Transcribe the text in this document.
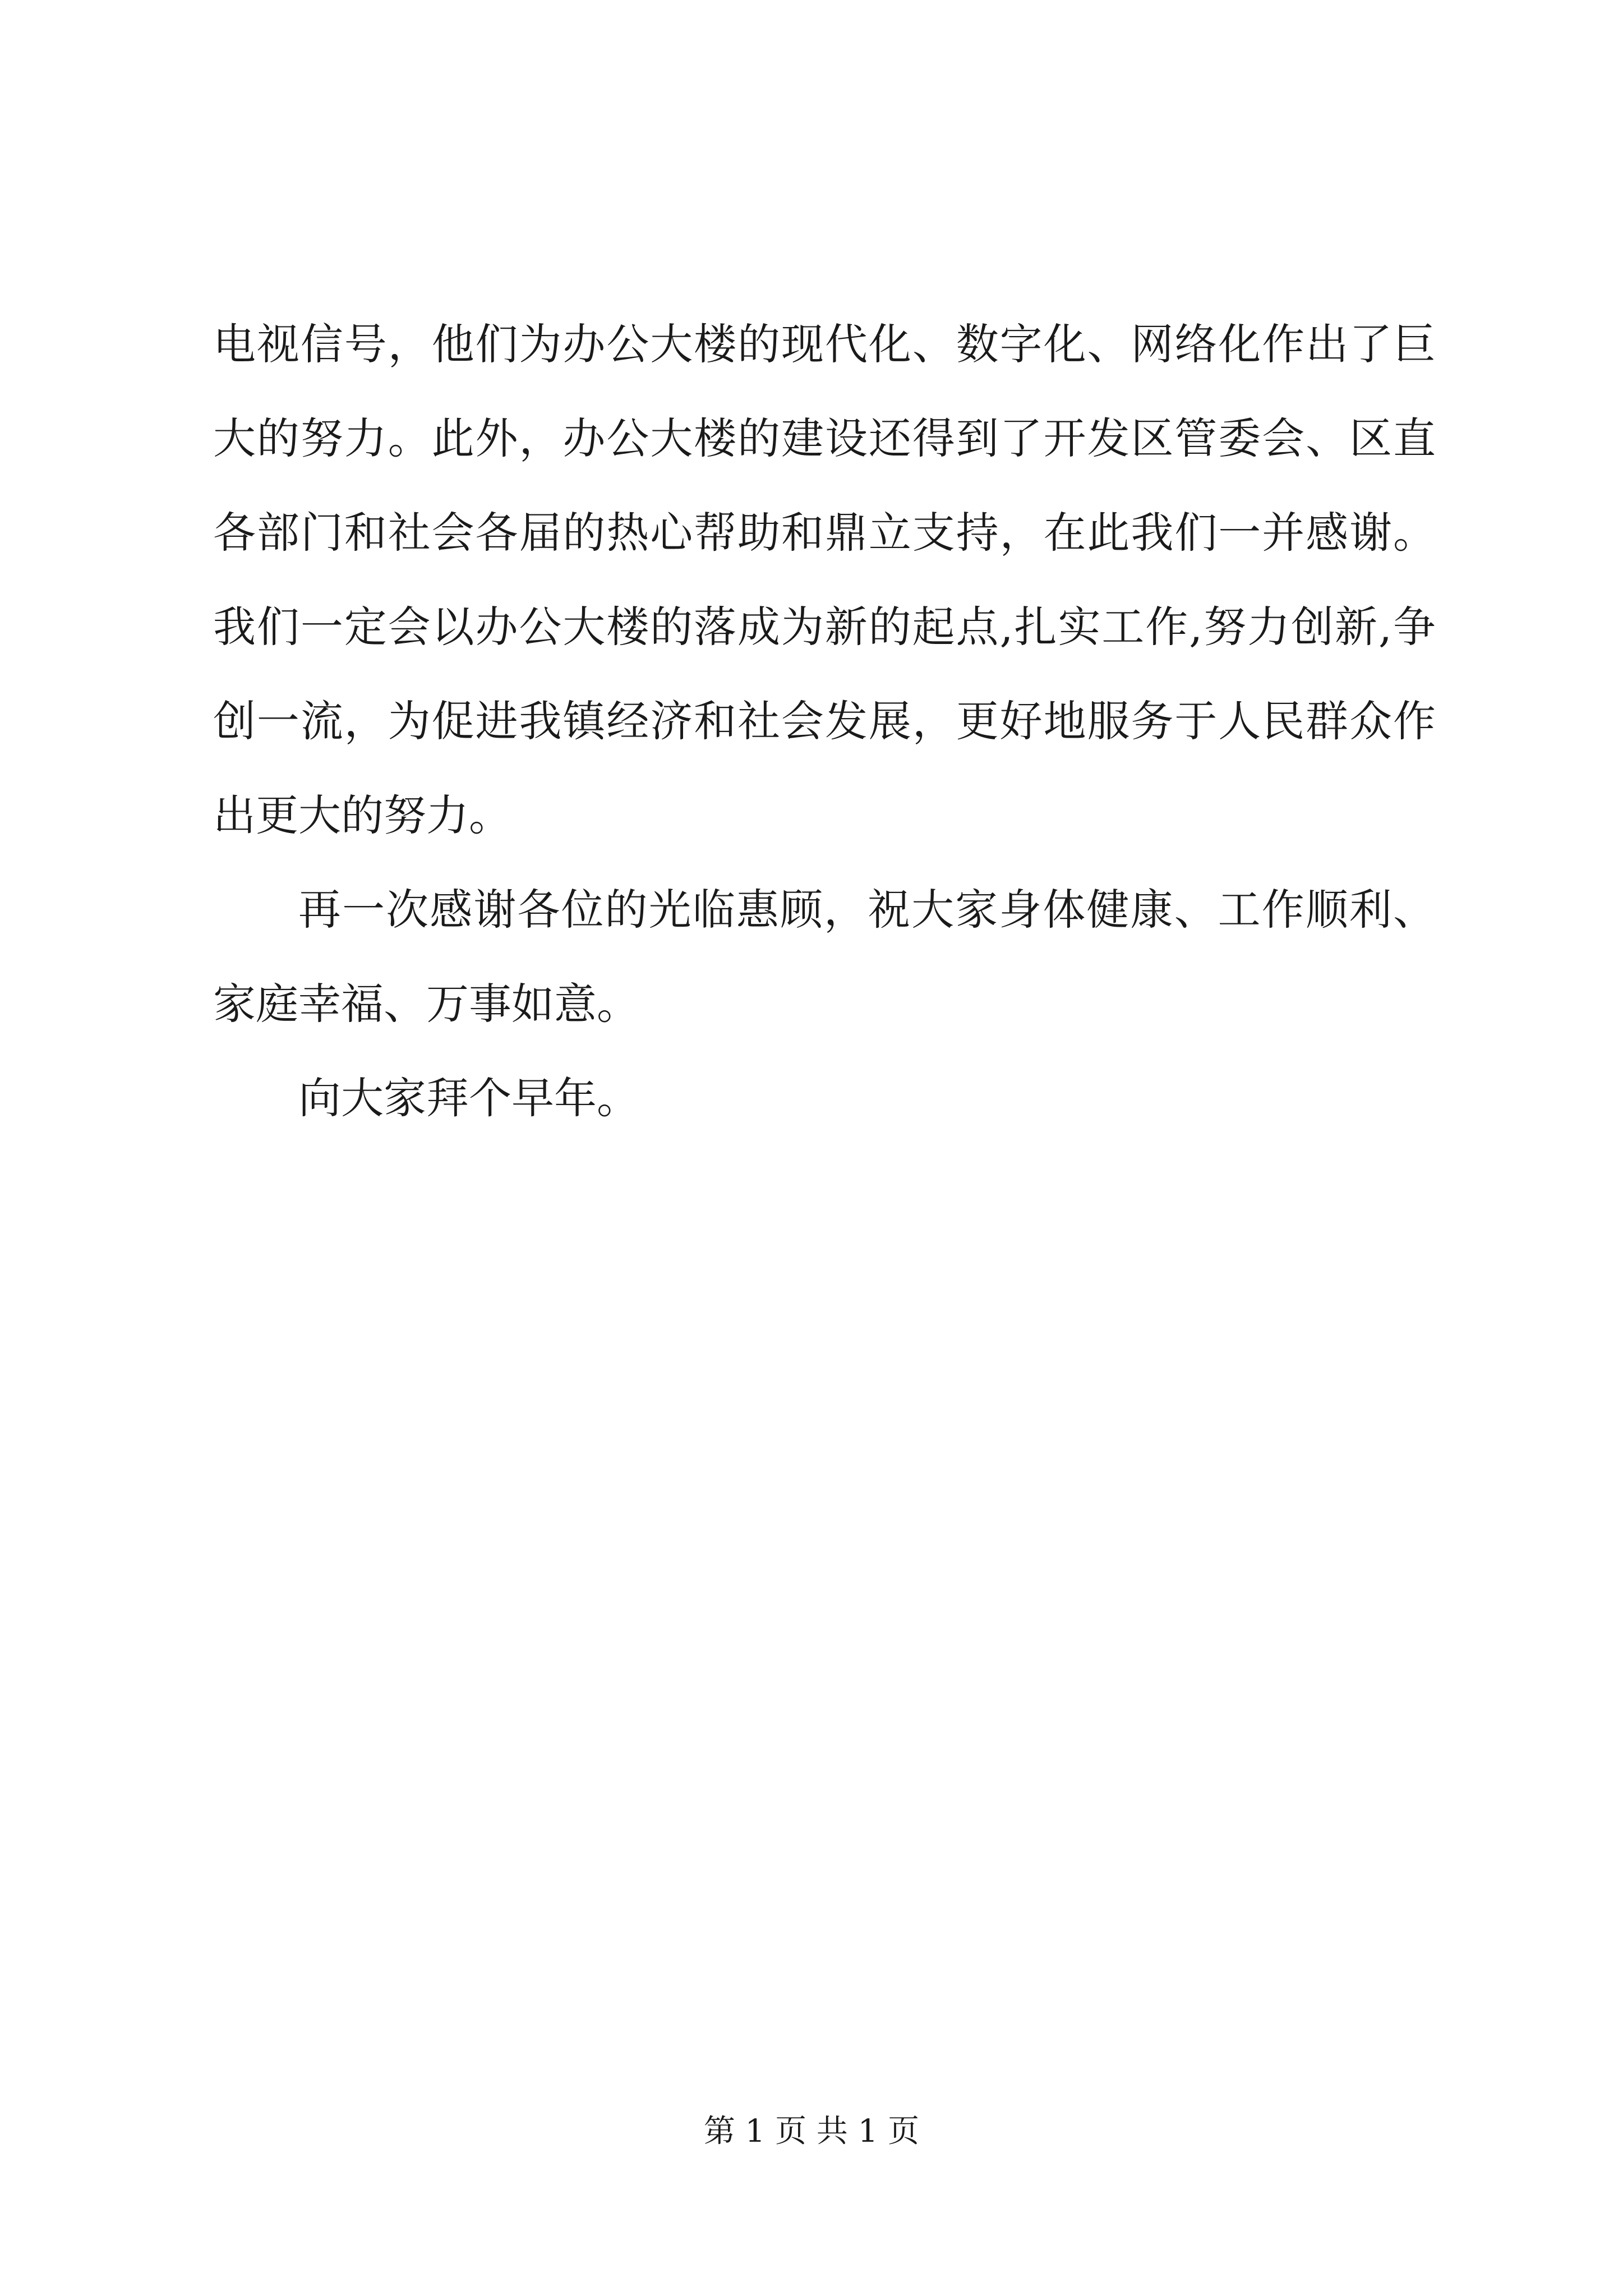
电视信号，他们为办公大楼的现代化、数字化、网络化作出了巨大的努力。此外，办公大楼的建设还得到了开发区管委会、区直各部门和社会各届的热心帮助和鼎立支持，在此我们一并感谢。我们一定会以办公大楼的落成为新的起点,扎实工作,努力创新,争创一流，为促进我镇经济和社会发展，更好地服务于人民群众作出更大的努力。

再一次感谢各位的光临惠顾，祝大家身体健康、工作顺利、家庭幸福、万事如意。

向大家拜个早年。

第 1 页 共 1 页
